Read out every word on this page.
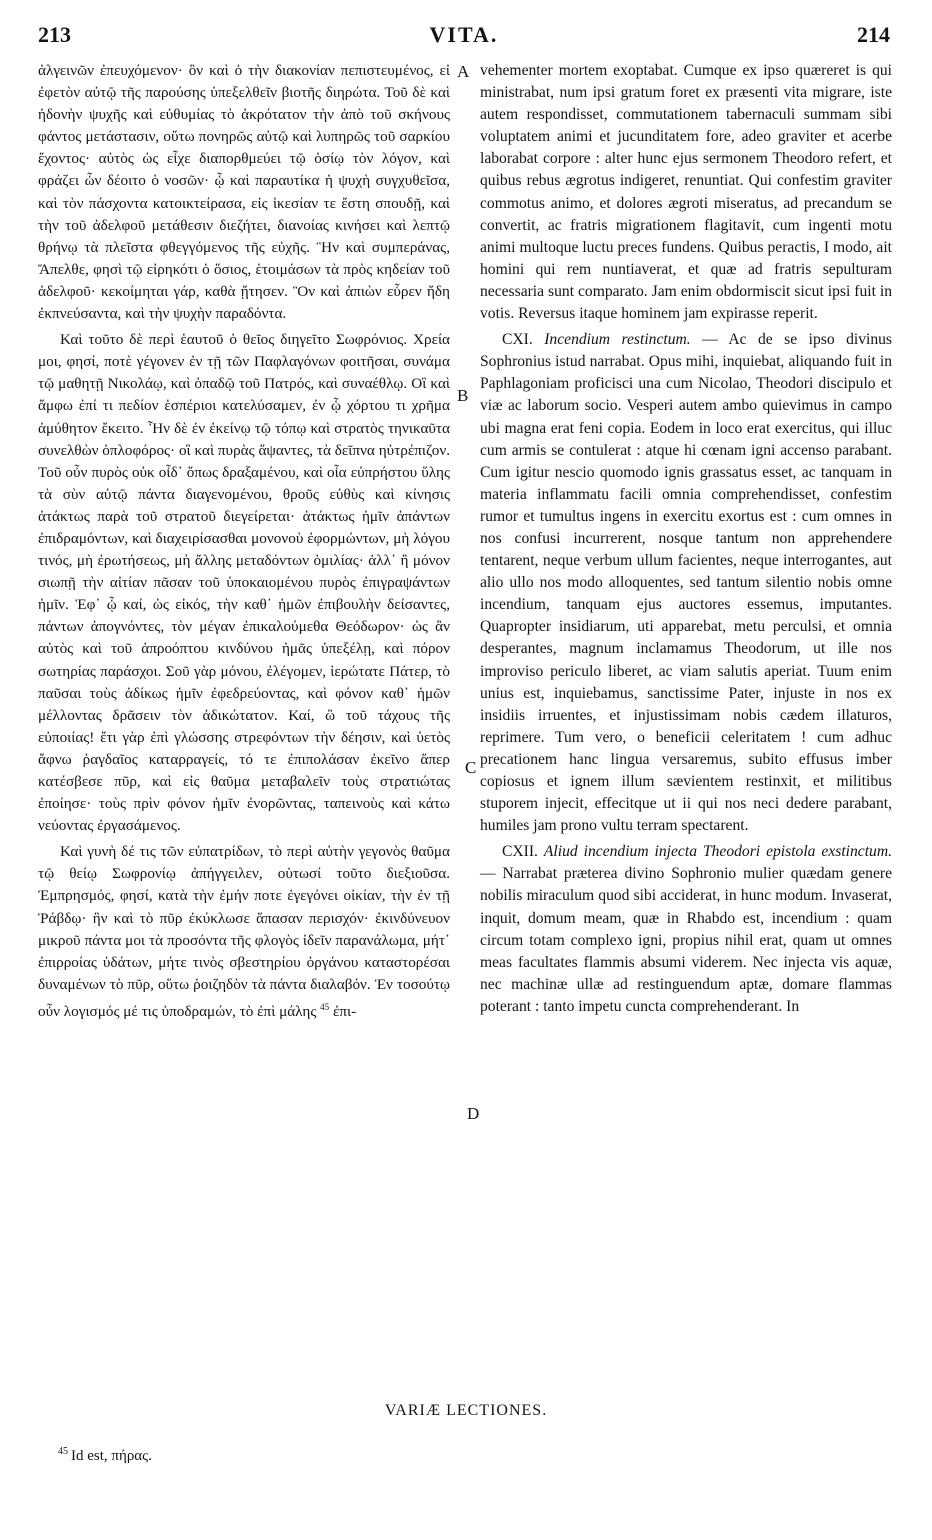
213	VITA.	214

ἀλγεινῶν ἐπευχόμενον· ὃν καὶ ὁ τὴν διακονίαν πεπιστευμένος, εἰ ἐφετὸν αὐτῷ τῆς παρούσης ὑπεξελθεῖν βιοτῆς διηρώτα. Τοῦ δὲ καὶ ἡδονὴν ψυχῆς καὶ εὐθυμίας τὸ ἀκρότατον τὴν ἀπὸ τοῦ σκήνους φάντος μετάστασιν, οὕτω πονηρῶς αὐτῷ καὶ λυπηρῶς τοῦ σαρκίου ἔχοντος· αὐτὸς ὡς εἶχε διαπορθμεύει τῷ ὁσίῳ τὸν λόγον, καὶ φράζει ὧν δέοιτο ὁ νοσῶν· ᾧ καὶ παραυτίκα ἡ ψυχὴ συγχυθεῖσα, καὶ τὸν πάσχοντα κατοικτείρασα, εἰς ἱκεσίαν τε ἔστη σπουδῇ, καὶ τὴν τοῦ ἀδελφοῦ μετάθεσιν διεζήτει, διανοίας κινήσει καὶ λεπτῷ θρήνῳ τὰ πλεῖστα φθεγγόμενος τῆς εὐχῆς. Ἣν καὶ συμπεράνας, Ἄπελθε, φησὶ τῷ εἰρηκότι ὁ ὅσιος, ἑτοιμάσων τὰ πρὸς κηδείαν τοῦ ἀδελφοῦ· κεκοίμηται γάρ, καθὰ ᾔτησεν. Ὃν καὶ ἀπιὼν εὗρεν ἤδη ἐκπνεύσαντα, καὶ τὴν ψυχὴν παραδόντα.

Καὶ τοῦτο δὲ περὶ ἑαυτοῦ ὁ θεῖος διηγεῖτο Σωφρόνιος. Χρεία μοι, φησί, ποτὲ γέγονεν ἐν τῇ τῶν Παφλαγόνων φοιτῆσαι, συνάμα τῷ μαθητῇ Νικολάῳ, καὶ ὀπαδῷ τοῦ Πατρός, καὶ συναέθλῳ. Οἳ καὶ ἄμφω ἐπί τι πεδίον ἑσπέριοι κατελύσαμεν, ἐν ᾧ χόρτου τι χρῆμα ἀμύθητον ἔκειτο. Ἦν δὲ ἐν ἐκείνῳ τῷ τόπῳ καὶ στρατὸς τηνικαῦτα συνελθὼν ὁπλοφόρος· οἳ καὶ πυρὰς ἅψαντες, τὰ δεῖπνα ηὐτρέπιζον. Τοῦ οὖν πυρὸς οὐκ οἶδ᾽ ὅπως δραξαμένου, καὶ οἷα εὐπρήστου ὕλης τὰ σὺν αὐτῷ πάντα διαγενομένου, θροῦς εὐθὺς καὶ κίνησις ἀτάκτως παρὰ τοῦ στρατοῦ διεγείρεται· ἀτάκτως ἡμῖν ἁπάντων ἐπιδραμόντων, καὶ διαχειρίσασθαι μονονοὺ ἐφορμώντων, μὴ λόγου τινός, μὴ ἐρωτήσεως, μὴ ἄλλης μεταδόντων ὁμιλίας· ἀλλ᾽ ἢ μόνον σιωπῇ τὴν αἰτίαν πᾶσαν τοῦ ὑποκαιομένου πυρὸς ἐπιγραψάντων ἡμῖν. Ἐφ᾽ ᾧ καί, ὡς εἰκός, τὴν καθ᾽ ἡμῶν ἐπιβουλὴν δείσαντες, πάντων ἀπογνόντες, τὸν μέγαν ἐπικαλούμεθα Θεόδωρον· ὡς ἂν αὐτὸς καὶ τοῦ ἀπροόπτου κινδύνου ἡμᾶς ὑπεξέλῃ, καὶ πόρον σωτηρίας παράσχοι. Σοῦ γὰρ μόνου, ἐλέγομεν, ἱερώτατε Πάτερ, τὸ παῦσαι τοὺς ἀδίκως ἡμῖν ἐφεδρεύοντας, καὶ φόνον καθ᾽ ἡμῶν μέλλοντας δρᾶσειν τὸν ἀδικώτατον. Καί, ὢ τοῦ τάχους τῆς εὐποιίας! ἔτι γὰρ ἐπὶ γλώσσης στρεφόντων τὴν δέησιν, καὶ ὑετὸς ἄφνω ῥαγδαῖος καταρραγείς, τό τε ἐπιπολάσαν ἐκεῖνο ἅπερ κατέσβεσε πῦρ, καὶ εἰς θαῦμα μεταβαλεῖν τοὺς στρατιώτας ἐποίησε· τοὺς πρὶν φόνον ἡμῖν ἐνορῶντας, ταπεινοὺς καὶ κάτω νεύοντας ἐργασάμενος.

Καὶ γυνὴ δέ τις τῶν εὐπατρίδων, τὸ περὶ αὐτὴν γεγονὸς θαῦμα τῷ θείῳ Σωφρονίῳ ἀπήγγειλεν, οὑτωσί τοῦτο διεξιοῦσα. Ἐμπρησμός, φησί, κατὰ τὴν ἐμήν ποτε ἐγεγόνει οἰκίαν, τὴν ἐν τῇ Ῥάβδῳ· ἣν καὶ τὸ πῦρ ἐκύκλωσε ἅπασαν περισχόν· ἐκινδύνευον μικροῦ πάντα μοι τὰ προσόντα τῆς φλογὸς ἰδεῖν παρανάλωμα, μήτ᾽ ἐπιρροίας ὑδάτων, μήτε τινὸς σβεστηρίου ὀργάνου καταστορέσαι δυναμένων τὸ πῦρ, οὕτω ῥοιζηδὸν τὰ πάντα διαλαβόν. Ἐν τοσούτῳ οὖν λογισμός μέ τις ὑποδραμών, τὸ ἐπὶ μάλης $^{45}$ ἐπι-

A
B
C
D

vehementer mortem exoptabat. Cumque ex ipso quæreret is qui ministrabat, num ipsi gratum foret ex præsenti vita migrare, iste autem respondisset, commutationem tabernaculi summam sibi voluptatem animi et jucunditatem fore, adeo graviter et acerbe laborabat corpore : alter hunc ejus sermonem Theodoro refert, et quibus rebus ægrotus indigeret, renuntiat. Qui confestim graviter commotus animo, et dolores ægroti miseratus, ad precandum se convertit, ac fratris migrationem flagitavit, cum ingenti motu animi multoque luctu preces fundens. Quibus peractis, I modo, ait homini qui rem nuntiaverat, et quæ ad fratris sepulturam necessaria sunt comparato. Jam enim obdormiscit sicut ipsi fuit in votis. Reversus itaque hominem jam expirasse reperit.

CXI. Incendium restinctum. — Ac de se ipso divinus Sophronius istud narrabat. Opus mihi, inquiebat, aliquando fuit in Paphlagoniam proficisci una cum Nicolao, Theodori discipulo et viæ ac laborum socio. Vesperi autem ambo quievimus in campo ubi magna erat feni copia. Eodem in loco erat exercitus, qui illuc cum armis se contulerat : atque hi cœnam igni accenso parabant. Cum igitur nescio quomodo ignis grassatus esset, ac tanquam in materia inflammatu facili omnia comprehendisset, confestim rumor et tumultus ingens in exercitu exortus est : cum omnes in nos confusi incurrerent, nosque tantum non apprehendere tentarent, neque verbum ullum facientes, neque interrogantes, aut alio ullo nos modo alloquentes, sed tantum silentio nobis omne incendium, tanquam ejus auctores essemus, imputantes. Quapropter insidiarum, uti apparebat, metu perculsi, et omnia desperantes, magnum inclamamus Theodorum, ut ille nos improviso periculo liberet, ac viam salutis aperiat. Tuum enim unius est, inquiebamus, sanctissime Pater, injuste in nos ex insidiis irruentes, et injustissimam nobis cædem illaturos, reprimere. Tum vero, o beneficii celeritatem ! cum adhuc precationem hanc lingua versaremus, subito effusus imber copiosus et ignem illum sævientem restinxit, et militibus stuporem injecit, effecitque ut ii qui nos neci dedere parabant, humiles jam prono vultu terram spectarent.

CXII. Aliud incendium injecta Theodori epistola exstinctum. — Narrabat præterea divino Sophronio mulier quædam genere nobilis miraculum quod sibi acciderat, in hunc modum. Invaserat, inquit, domum meam, quæ in Rhabdo est, incendium : quam circum totam complexo igni, propius nihil erat, quam ut omnes meas facultates flammis absumi viderem. Nec injecta vis aquæ, nec machinæ ullæ ad restinguendum aptæ, domare flammas poterant : tanto impetu cuncta comprehenderant. In

VARIÆ LECTIONES.
$^{45}$ Id est, πήρας.
